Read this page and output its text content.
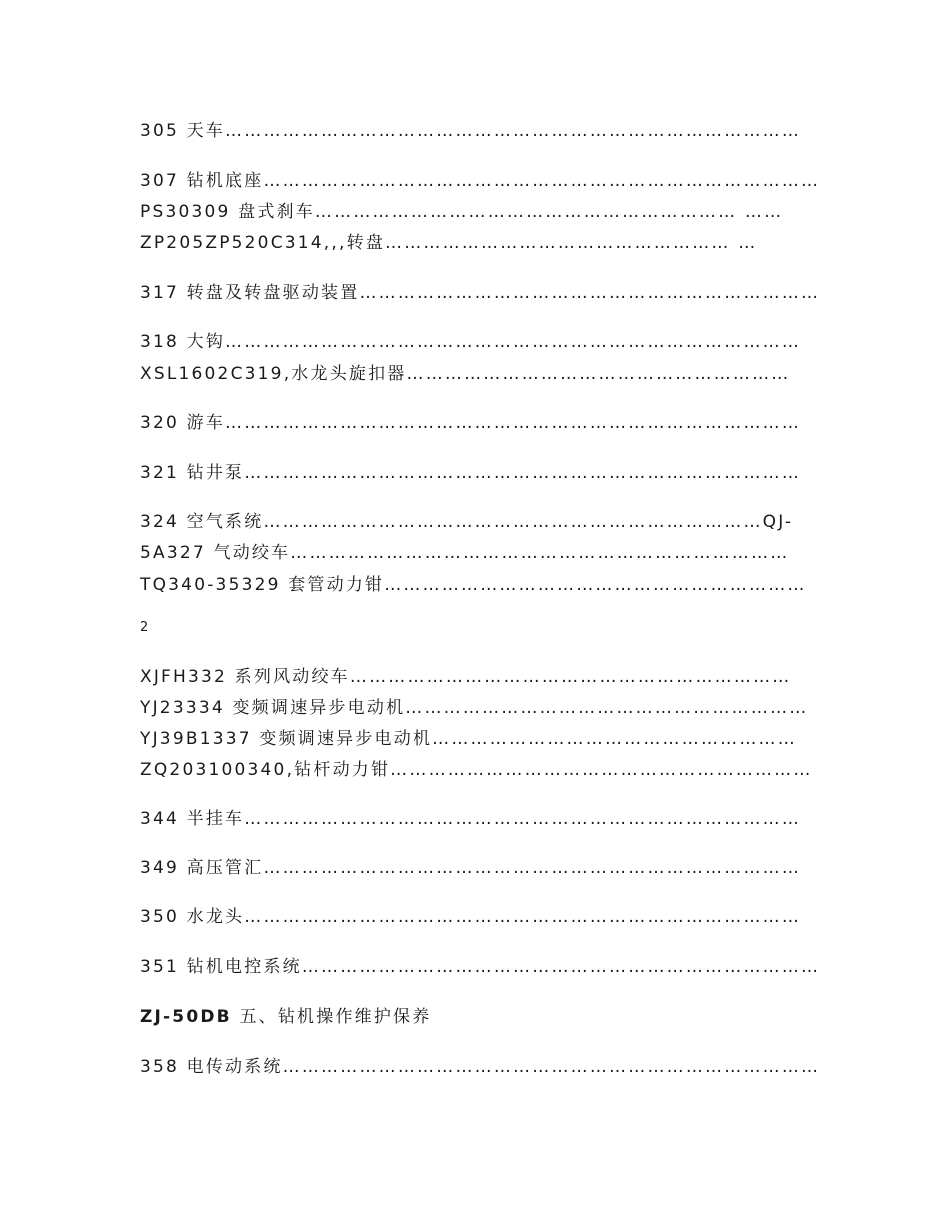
305 天车………………………………………………………………………………
307 钻机底座……………………………………………………………………………
PS30309 盘式刹车………………………………………………………… ……
ZP205ZP520C314,,,转盘……………………………………………… …
317 转盘及转盘驱动装置………………………………………………………………
318 大钩………………………………………………………………………………
XSL1602C319,水龙头旋扣器……………………………………………………
320 游车………………………………………………………………………………
321 钻井泵……………………………………………………………………………
324 空气系统……………………………………………………………………QJ-
5A327 气动绞车……………………………………………………………………
TQ340-35329 套管动力钳…………………………………………………………
2
XJFH332 系列风动绞车……………………………………………………………
YJ23334 变频调速异步电动机………………………………………………………
YJ39B1337 变频调速异步电动机…………………………………………………
ZQ203100340,钻杆动力钳…………………………………………………………
344 半挂车……………………………………………………………………………
349 高压管汇…………………………………………………………………………
350 水龙头……………………………………………………………………………
351 钻机电控系统………………………………………………………………………
ZJ-50DB 五、钻机操作维护保养
358 电传动系统…………………………………………………………………………
